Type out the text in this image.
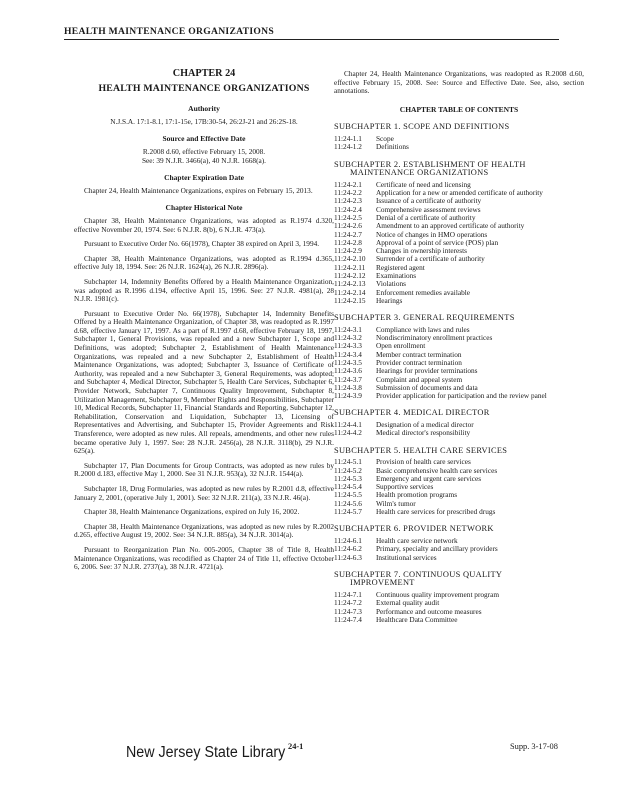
HEALTH MAINTENANCE ORGANIZATIONS
CHAPTER 24
HEALTH MAINTENANCE ORGANIZATIONS
Authority
N.J.S.A. 17:1-8.1, 17:1-15e, 17B:30-54, 26:2J-21 and 26:2S-18.
Source and Effective Date
R.2008 d.60, effective February 15, 2008.
See: 39 N.J.R. 3466(a), 40 N.J.R. 1668(a).
Chapter Expiration Date

Chapter 24, Health Maintenance Organizations, expires on February 15, 2013.

Chapter Historical Note

Chapter 38, Health Maintenance Organizations, was adopted as R.1974 d.320, effective November 20, 1974. See: 6 N.J.R. 8(b), 6 N.J.R. 473(a).

Pursuant to Executive Order No. 66(1978), Chapter 38 expired on April 3, 1994.

Chapter 38, Health Maintenance Organizations, was adopted as R.1994 d.365, effective July 18, 1994. See: 26 N.J.R. 1624(a), 26 N.J.R. 2896(a).

Subchapter 14, Indemnity Benefits Offered by a Health Maintenance Organization, was adopted as R.1996 d.194, effective April 15, 1996. See: 27 N.J.R. 4981(a), 28 N.J.R. 1981(c).

Pursuant to Executive Order No. 66(1978), Subchapter 14, Indemnity Benefits Offered by a Health Maintenance Organization, of Chapter 38, was readopted as R.1997 d.68, effective January 17, 1997. As a part of R.1997 d.68, effective February 18, 1997, Subchapter 1, General Provisions, was repealed and a new Subchapter 1, Scope and Definitions, was adopted; Subchapter 2, Establishment of Health Maintenance Organizations, was repealed and a new Subchapter 2, Establishment of Health Maintenance Organizations, was adopted; Subchapter 3, Issuance of Certificate of Authority, was repealed and a new Subchapter 3, General Requirements, was adopted; and Subchapter 4, Medical Director, Subchapter 5, Health Care Services, Subchapter 6, Provider Network, Subchapter 7, Continuous Quality Improvement, Subchapter 8, Utilization Management, Subchapter 9, Member Rights and Responsibilities, Subchapter 10, Medical Records, Subchapter 11, Financial Standards and Reporting, Subchapter 12, Rehabilitation, Conservation and Liquidation, Subchapter 13, Licensing of Representatives and Advertising, and Subchapter 15, Provider Agreements and Risk Transference, were adopted as new rules. All repeals, amendments, and other new rules became operative July 1, 1997. See: 28 N.J.R. 2456(a), 28 N.J.R. 3118(b), 29 N.J.R. 625(a).

Subchapter 17, Plan Documents for Group Contracts, was adopted as new rules by R.2000 d.183, effective May 1, 2000. See 31 N.J.R. 953(a), 32 N.J.R. 1544(a).

Subchapter 18, Drug Formularies, was adopted as new rules by R.2001 d.8, effective January 2, 2001, (operative July 1, 2001). See: 32 N.J.R. 211(a), 33 N.J.R. 46(a).

Chapter 38, Health Maintenance Organizations, expired on July 16, 2002.

Chapter 38, Health Maintenance Organizations, was adopted as new rules by R.2002 d.265, effective August 19, 2002. See: 34 N.J.R. 885(a), 34 N.J.R. 3014(a).

Pursuant to Reorganization Plan No. 005-2005, Chapter 38 of Title 8, Health Maintenance Organizations, was recodified as Chapter 24 of Title 11, effective October 6, 2006. See: 37 N.J.R. 2737(a), 38 N.J.R. 4721(a).

Chapter 24, Health Maintenance Organizations, was readopted as R.2008 d.60, effective February 15, 2008. See: Source and Effective Date. See, also, section annotations.

CHAPTER TABLE OF CONTENTS
SUBCHAPTER 1. SCOPE AND DEFINITIONS
11:24-1.1	Scope
11:24-1.2	Definitions
SUBCHAPTER 2. ESTABLISHMENT OF HEALTH
MAINTENANCE ORGANIZATIONS
11:24-2.1	Certificate of need and licensing
11:24-2.2	Application for a new or amended certificate of authority
11:24-2.3	Issuance of a certificate of authority
11:24-2.4	Comprehensive assessment reviews
11:24-2.5	Denial of a certificate of authority
11:24-2.6	Amendment to an approved certificate of authority
11:24-2.7	Notice of changes in HMO operations
11:24-2.8	Approval of a point of service (POS) plan
11:24-2.9	Changes in ownership interests
11:24-2.10	Surrender of a certificate of authority
11:24-2.11	Registered agent
11:24-2.12	Examinations
11:24-2.13	Violations
11:24-2.14	Enforcement remedies available
11:24-2.15	Hearings
SUBCHAPTER 3. GENERAL REQUIREMENTS
11:24-3.1	Compliance with laws and rules
11:24-3.2	Nondiscriminatory enrollment practices
11:24-3.3	Open enrollment
11:24-3.4	Member contract termination
11:24-3.5	Provider contract termination
11:24-3.6	Hearings for provider terminations
11:24-3.7	Complaint and appeal system
11:24-3.8	Submission of documents and data
11:24-3.9	Provider application for participation and the review panel
SUBCHAPTER 4. MEDICAL DIRECTOR
11:24-4.1	Designation of a medical director
11:24-4.2	Medical director's responsibility
SUBCHAPTER 5. HEALTH CARE SERVICES
11:24-5.1	Provision of health care services
11:24-5.2	Basic comprehensive health care services
11:24-5.3	Emergency and urgent care services
11:24-5.4	Supportive services
11:24-5.5	Health promotion programs
11:24-5.6	Wilm's tumor
11:24-5.7	Health care services for prescribed drugs
SUBCHAPTER 6. PROVIDER NETWORK
11:24-6.1	Health care service network
11:24-6.2	Primary, specialty and ancillary providers
11:24-6.3	Institutional services
SUBCHAPTER 7. CONTINUOUS QUALITY
IMPROVEMENT
11:24-7.1	Continuous quality improvement program
11:24-7.2	External quality audit
11:24-7.3	Performance and outcome measures
11:24-7.4	Healthcare Data Committee
New Jersey State Library 24-1	Supp. 3-17-08
